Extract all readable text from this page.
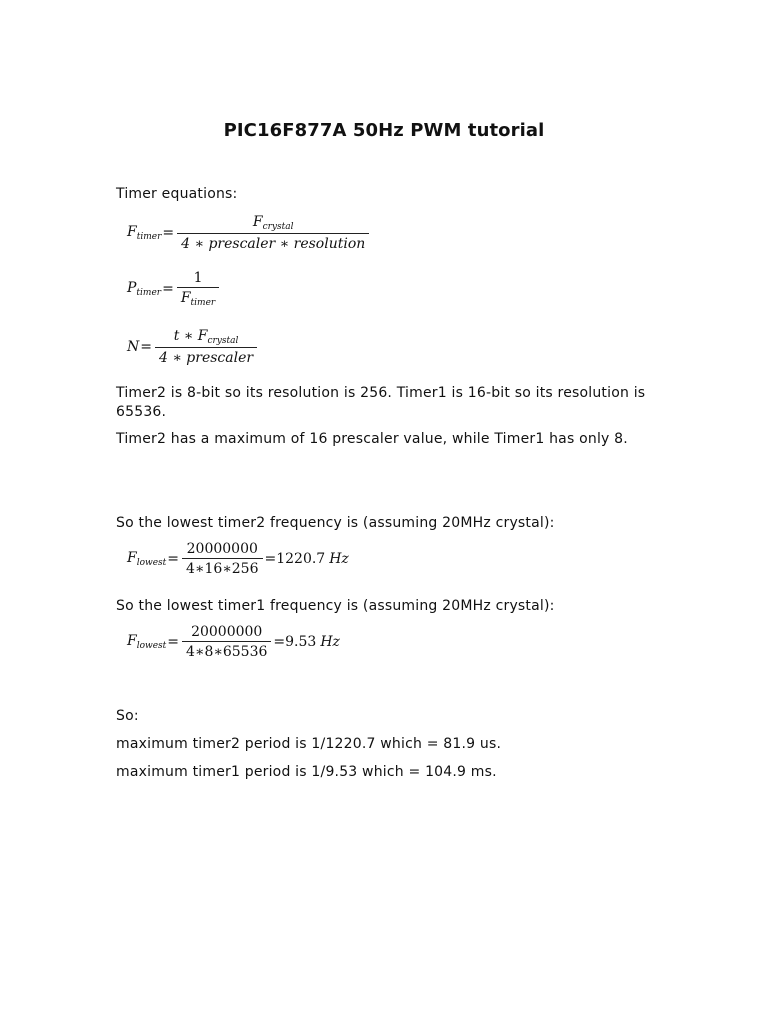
PIC16F877A 50Hz PWM tutorial
Timer equations:
$F_{timer} = \frac{F_{crystal}}{\text{4 ∗ prescaler ∗ resolution}}$
$P_{timer} = \frac{1}{F_{timer}}$
$N = \frac{t ∗ F_{crystal}}{\text{4 ∗ prescaler}}$
Timer2 is 8-bit so its resolution is 256. Timer1 is 16-bit so its resolution is 65536.
Timer2 has a maximum of 16 prescaler value, while Timer1 has only 8.
So the lowest timer2 frequency is (assuming 20MHz crystal):
$F_{lowest} = \frac{20000000}{4∗16∗256} =1220.7$ Hz
So the lowest timer1 frequency is (assuming 20MHz crystal):
$F_{lowest} = \frac{20000000}{4∗8∗65536} =9.53$ Hz
So:
maximum timer2 period is 1/1220.7 which = 81.9 us.
maximum timer1 period is 1/9.53 which = 104.9 ms.
